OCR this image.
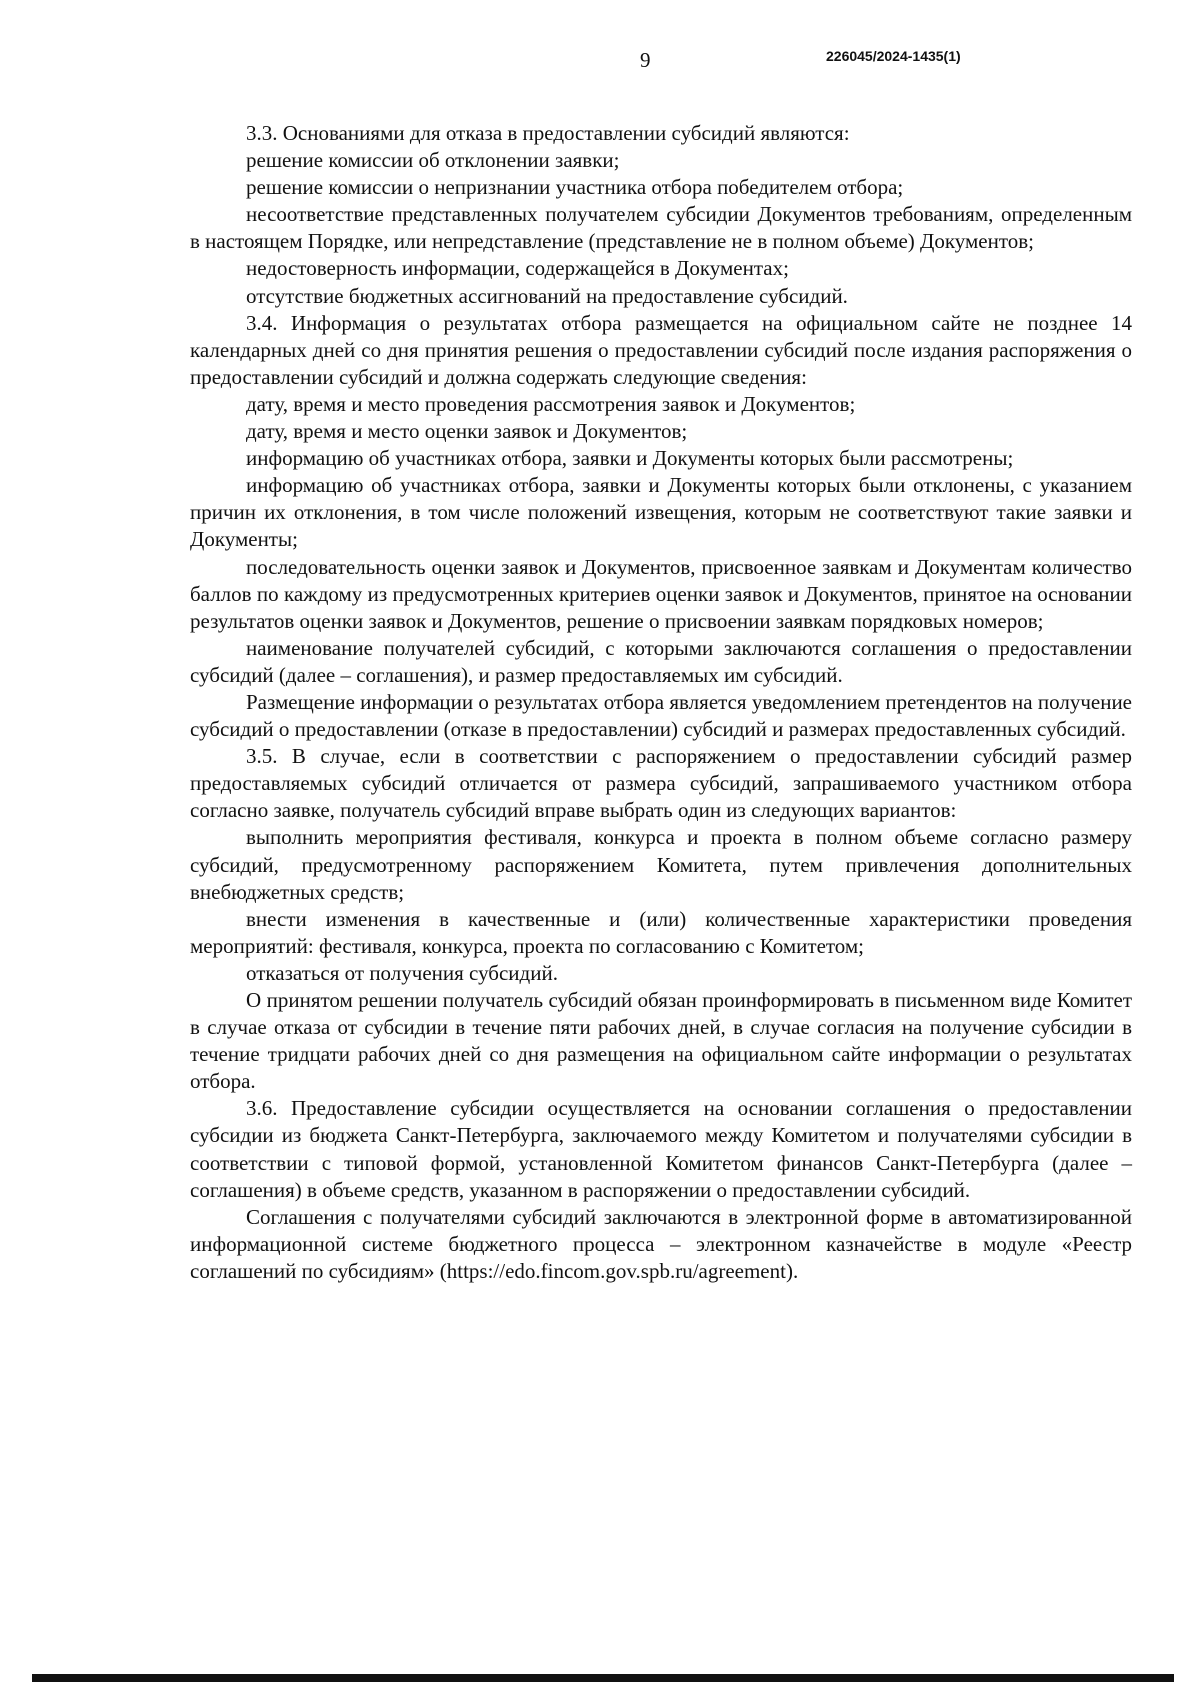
9	226045/2024-1435(1)

3.3. Основаниями для отказа в предоставлении субсидий являются:

решение комиссии об отклонении заявки;

решение комиссии о непризнании участника отбора победителем отбора;

несоответствие представленных получателем субсидии Документов требованиям, определенным в настоящем Порядке, или непредставление (представление не в полном объеме) Документов;

недостоверность информации, содержащейся в Документах;

отсутствие бюджетных ассигнований на предоставление субсидий.

3.4. Информация о результатах отбора размещается на официальном сайте не позднее 14 календарных дней со дня принятия решения о предоставлении субсидий после издания распоряжения о предоставлении субсидий и должна содержать следующие сведения:

дату, время и место проведения рассмотрения заявок и Документов;

дату, время и место оценки заявок и Документов;

информацию об участниках отбора, заявки и Документы которых были рассмотрены;

информацию об участниках отбора, заявки и Документы которых были отклонены, с указанием причин их отклонения, в том числе положений извещения, которым не соответствуют такие заявки и Документы;

последовательность оценки заявок и Документов, присвоенное заявкам и Документам количество баллов по каждому из предусмотренных критериев оценки заявок и Документов, принятое на основании результатов оценки заявок и Документов, решение о присвоении заявкам порядковых номеров;

наименование получателей субсидий, с которыми заключаются соглашения о предоставлении субсидий (далее – соглашения), и размер предоставляемых им субсидий.

Размещение информации о результатах отбора является уведомлением претендентов на получение субсидий о предоставлении (отказе в предоставлении) субсидий и размерах предоставленных субсидий.

3.5. В случае, если в соответствии с распоряжением о предоставлении субсидий размер предоставляемых субсидий отличается от размера субсидий, запрашиваемого участником отбора согласно заявке, получатель субсидий вправе выбрать один из следующих вариантов:

выполнить мероприятия фестиваля, конкурса и проекта в полном объеме согласно размеру субсидий, предусмотренному распоряжением Комитета, путем привлечения дополнительных внебюджетных средств;

внести изменения в качественные и (или) количественные характеристики проведения мероприятий: фестиваля, конкурса, проекта по согласованию с Комитетом;

отказаться от получения субсидий.

О принятом решении получатель субсидий обязан проинформировать в письменном виде Комитет в случае отказа от субсидии в течение пяти рабочих дней, в случае согласия на получение субсидии в течение тридцати рабочих дней со дня размещения на официальном сайте информации о результатах отбора.

3.6. Предоставление субсидии осуществляется на основании соглашения о предоставлении субсидии из бюджета Санкт-Петербурга, заключаемого между Комитетом и получателями субсидии в соответствии с типовой формой, установленной Комитетом финансов Санкт-Петербурга (далее – соглашения) в объеме средств, указанном в распоряжении о предоставлении субсидий.

Соглашения с получателями субсидий заключаются в электронной форме в автоматизированной информационной системе бюджетного процесса – электронном казначействе в модуле «Реестр соглашений по субсидиям» (https://edo.fincom.gov.spb.ru/agreement).
